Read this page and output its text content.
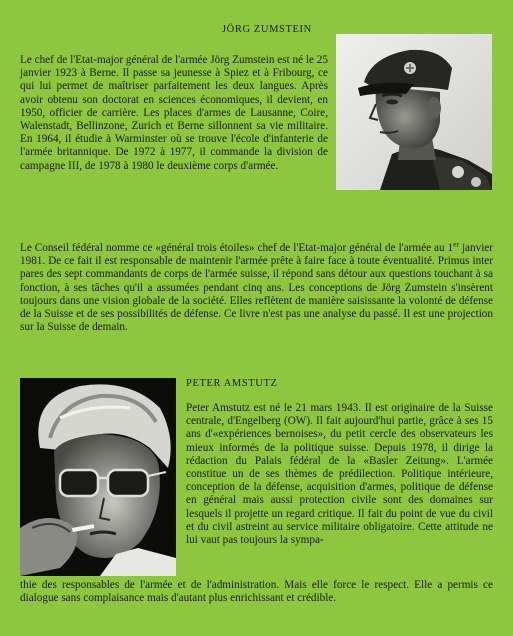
JÖRG ZUMSTEIN

Le chef de l'Etat-major général de l'armée Jörg Zumstein est né le 25 janvier 1923 à Berne. Il passe sa jeunesse à Spiez et à Fribourg, ce qui lui permet de maîtriser parfaitement les deux langues. Après avoir obtenu son doctorat en sciences économiques, il devient, en 1950, officier de carrière. Les places d'armes de Lausanne, Coire, Walenstadt, Bellinzone, Zurich et Berne sillonnent sa vie militaire. En 1964, il étudie à Warminster où se trouve l'école d'infanterie de l'armée britannique. De 1972 à 1977, il commande la division de campagne III, de 1978 à 1980 le deuxième corps d'armée.

Le Conseil fédéral nomme ce «général trois étoiles» chef de l'Etat-major général de l'armée au 1er janvier 1981. De ce fait il est responsable de maintenir l'armée prête à faire face à toute éventualité. Primus inter pares des sept commandants de corps de l'armée suisse, il répond sans détour aux questions touchant à sa fonction, à ses tâches qu'il a assumées pendant cinq ans. Les conceptions de Jörg Zumstein s'insèrent toujours dans une vision globale de la société. Elles reflètent de manière saisissante la volonté de défense de la Suisse et de ses possibilités de défense. Ce livre n'est pas une analyse du passé. Il est une projection sur la Suisse de demain.

PETER AMSTUTZ

Peter Amstutz est né le 21 mars 1943. Il est originaire de la Suisse centrale, d'Engelberg (OW). Il fait aujourd'hui partie, grâce à ses 15 ans d'«expériences bernoises», du petit cercle des observateurs les mieux informés de la politique suisse. Depuis 1978, il dirige la rédaction du Palais fédéral de la «Basler Zeitung». L'armée constitue un de ses thèmes de prédilection. Politique intérieure, conception de la défense, acquisition d'armes, politique de défense en général mais aussi protection civile sont des domaines sur lesquels il projette un regard critique. Il fait du point de vue du civil et du civil astreint au service militaire obligatoire. Cette attitude ne lui vaut pas toujours la sympa-

thie des responsables de l'armée et de l'administration. Mais elle force le respect. Elle a permis ce dialogue sans complaisance mais d'autant plus enrichissant et crédible.
